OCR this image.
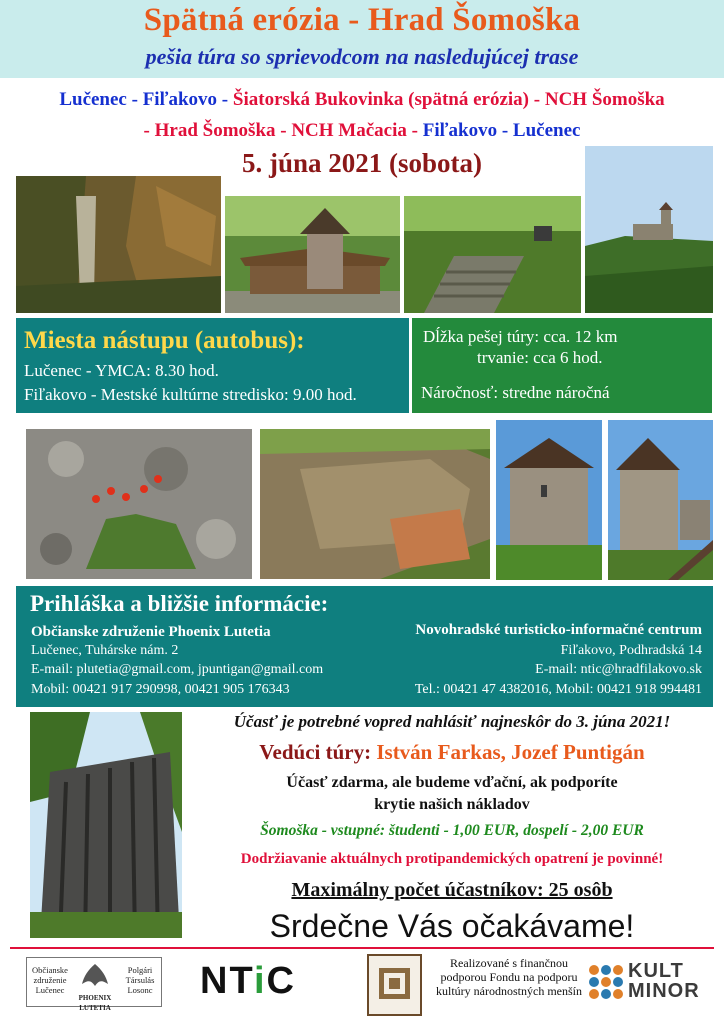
Spätná erózia - Hrad Šomoška
pešia túra so sprievodcom na nasledujúcej trase
Lučenec - Fiľakovo - Šiatorská Bukovinka (spätná erózia) - NCH Šomoška
- Hrad Šomoška - NCH Mačacia - Fiľakovo - Lučenec
5. júna 2021 (sobota)
Miesta nástupu (autobus):
Lučenec - YMCA: 8.30 hod.
Fiľakovo - Mestské kultúrne stredisko: 9.00 hod.
Dĺžka pešej túry: cca. 12 km
trvanie: cca 6 hod.
Náročnosť: stredne náročná
Prihláška a bližšie informácie:
Občianske združenie Phoenix Lutetia
Lučenec, Tuhárske nám. 2
E-mail: plutetia@gmail.com, jpuntigan@gmail.com
Mobil: 00421 917 290998, 00421 905 176343
Novohradské turisticko-informačné centrum
Fiľakovo, Podhradská 14
E-mail: ntic@hradfilakovo.sk
Tel.: 00421 47 4382016, Mobil: 00421 918 994481
Účasť je potrebné vopred nahlásiť najneskôr do 3. júna 2021!
Vedúci túry: István Farkas, Jozef Puntigán
Účasť zdarma, ale budeme vďační, ak podporíte
krytie našich nákladov
Šomoška - vstupné: študenti - 1,00 EUR, dospelí - 2,00 EUR
Dodržiavanie aktuálnych protipandemických opatrení je povinné!
Maximálny počet účastníkov: 25 osôb
Srdečne Vás očakávame!
Občianske združenie Lučenec
Polgári Társulás Losonc
PHOENIX LUTETIA
NTiC	Realizované s finančnou podporou Fondu na podporu kultúry národnostných menšín
KULT
MINOR
